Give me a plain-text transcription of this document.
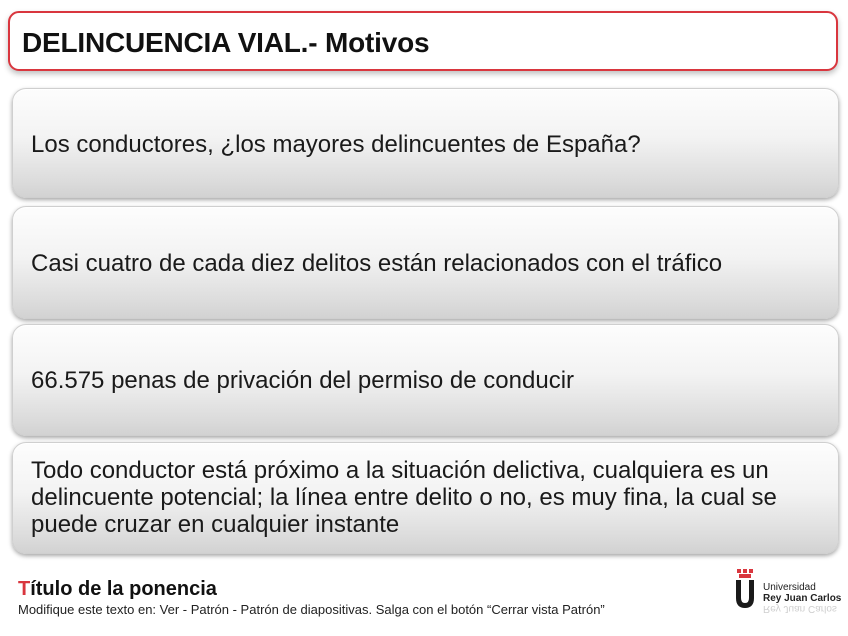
DELINCUENCIA VIAL.- Motivos
Los conductores, ¿los mayores delincuentes de España?
Casi cuatro de cada diez delitos están relacionados con el tráfico
66.575 penas de privación del permiso de conducir
Todo conductor está próximo a la situación delictiva, cualquiera es un delincuente potencial; la línea entre delito o no, es muy fina, la cual se puede cruzar en cualquier instante
Título de la ponencia
Modifique este texto en: Ver - Patrón - Patrón de diapositivas. Salga con el botón “Cerrar vista Patrón”
Universidad
Rey Juan Carlos
Rey Juan Carlos
